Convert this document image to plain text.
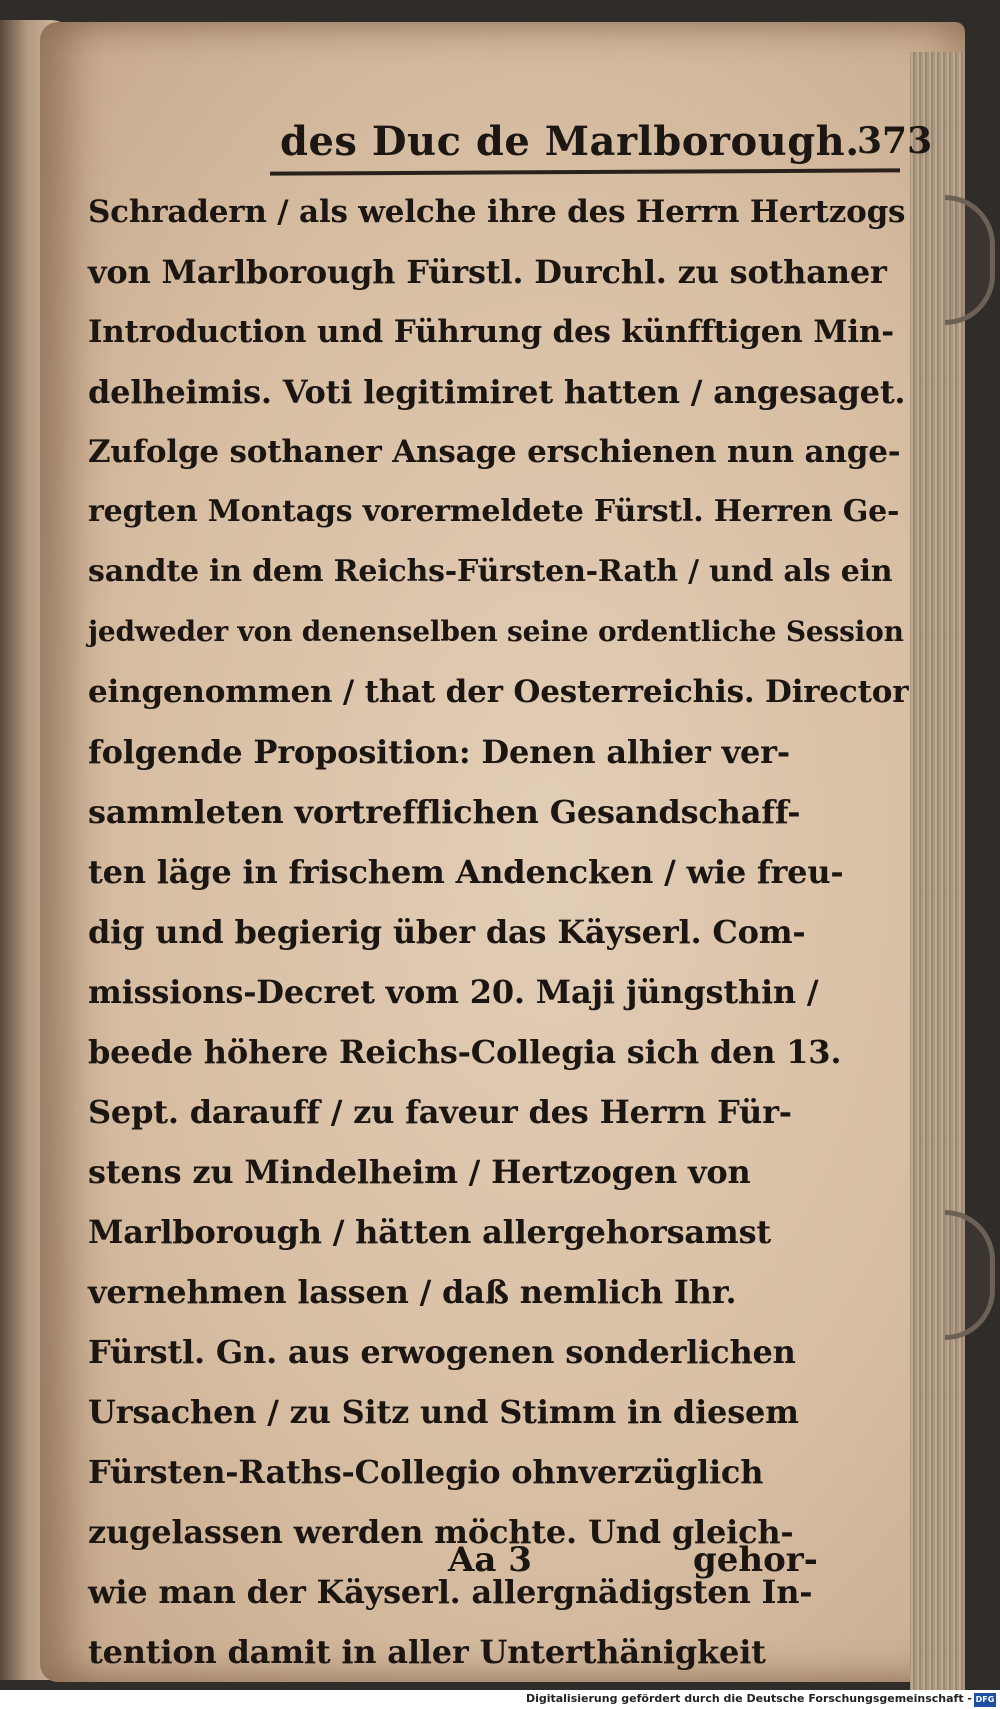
des Duc de Marlborough.
373
Schradern / als welche ihre des Herrn Hertzogs
von Marlborough Fürstl. Durchl. zu sothaner
Introduction und Führung des künfftigen Min-
delheimis. Voti legitimiret hatten / angesaget.
Zufolge sothaner Ansage erschienen nun ange-
regten Montags vorermeldete Fürstl. Herren Ge-
sandte in dem Reichs-Fürsten-Rath / und als ein
jedweder von denenselben seine ordentliche Session
eingenommen / that der Oesterreichis. Director
folgende Proposition: Denen alhier ver-
sammleten vortrefflichen Gesandschaff-
ten läge in frischem Andencken / wie freu-
dig und begierig über das Käyserl. Com-
missions-Decret vom 20. Maji jüngsthin /
beede höhere Reichs-Collegia sich den 13.
Sept. darauff / zu faveur des Herrn Für-
stens zu Mindelheim / Hertzogen von
Marlborough / hätten allergehorsamst
vernehmen lassen / daß nemlich Ihr.
Fürstl. Gn. aus erwogenen sonderlichen
Ursachen / zu Sitz und Stimm in diesem
Fürsten-Raths-Collegio ohnverzüglich
zugelassen werden möchte. Und gleich-
wie man der Käyserl. allergnädigsten In-
tention damit in aller Unterthänigkeit
Aa 3	gehor-
Digitalisierung gefördert durch die Deutsche Forschungsgemeinschaft - DFG
